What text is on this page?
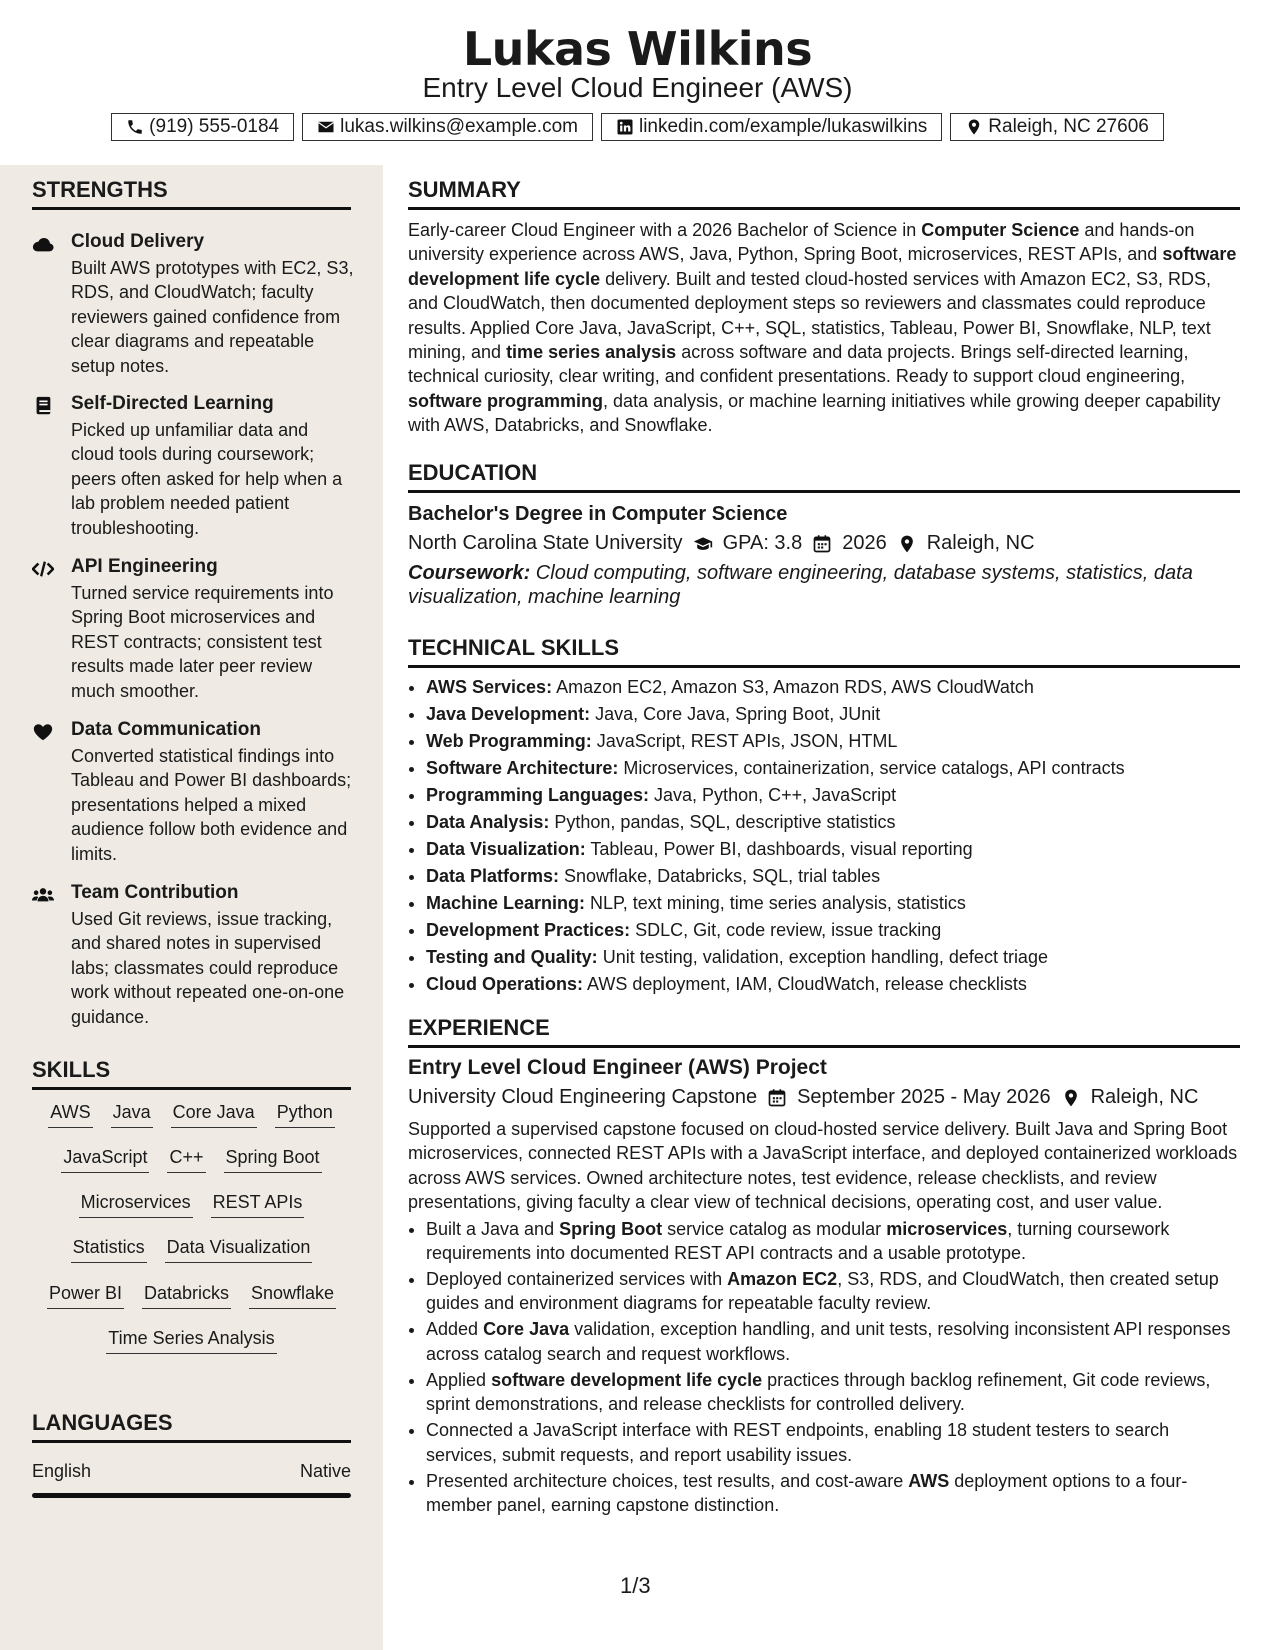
Lukas Wilkins
Entry Level Cloud Engineer (AWS)
(919) 555-0184	lukas.wilkins@example.com	linkedin.com/example/lukaswilkins	Raleigh, NC 27606
STRENGTHS
Cloud Delivery
Built AWS prototypes with EC2, S3, RDS, and CloudWatch; faculty reviewers gained confidence from clear diagrams and repeatable setup notes.
Self-Directed Learning
Picked up unfamiliar data and cloud tools during coursework; peers often asked for help when a lab problem needed patient troubleshooting.
API Engineering
Turned service requirements into Spring Boot microservices and REST contracts; consistent test results made later peer review much smoother.
Data Communication
Converted statistical findings into Tableau and Power BI dashboards; presentations helped a mixed audience follow both evidence and limits.
Team Contribution
Used Git reviews, issue tracking, and shared notes in supervised labs; classmates could reproduce work without repeated one-on-one guidance.
SKILLS
AWS Java Core Java Python
JavaScript C++ Spring Boot
Microservices REST APIs
Statistics Data Visualization
Power BI Databricks Snowflake
Time Series Analysis
LANGUAGES
English	Native
SUMMARY

Early-career Cloud Engineer with a 2026 Bachelor of Science in Computer Science and hands-on university experience across AWS, Java, Python, Spring Boot, microservices, REST APIs, and software development life cycle delivery. Built and tested cloud-hosted services with Amazon EC2, S3, RDS, and CloudWatch, then documented deployment steps so reviewers and classmates could reproduce results. Applied Core Java, JavaScript, C++, SQL, statistics, Tableau, Power BI, Snowflake, NLP, text mining, and time series analysis across software and data projects. Brings self-directed learning, technical curiosity, clear writing, and confident presentations. Ready to support cloud engineering, software programming, data analysis, or machine learning initiatives while growing deeper capability with AWS, Databricks, and Snowflake.

EDUCATION
Bachelor's Degree in Computer Science
North Carolina State University GPA: 3.8 2026 Raleigh, NC
Coursework: Cloud computing, software engineering, database systems, statistics, data visualization, machine learning
TECHNICAL SKILLS
• AWS Services: Amazon EC2, Amazon S3, Amazon RDS, AWS CloudWatch
• Java Development: Java, Core Java, Spring Boot, JUnit
• Web Programming: JavaScript, REST APIs, JSON, HTML
• Software Architecture: Microservices, containerization, service catalogs, API contracts
• Programming Languages: Java, Python, C++, JavaScript
• Data Analysis: Python, pandas, SQL, descriptive statistics
• Data Visualization: Tableau, Power BI, dashboards, visual reporting
• Data Platforms: Snowflake, Databricks, SQL, trial tables
• Machine Learning: NLP, text mining, time series analysis, statistics
• Development Practices: SDLC, Git, code review, issue tracking
• Testing and Quality: Unit testing, validation, exception handling, defect triage
• Cloud Operations: AWS deployment, IAM, CloudWatch, release checklists
EXPERIENCE
Entry Level Cloud Engineer (AWS) Project
University Cloud Engineering Capstone September 2025 - May 2026 Raleigh, NC

Supported a supervised capstone focused on cloud-hosted service delivery. Built Java and Spring Boot microservices, connected REST APIs with a JavaScript interface, and deployed containerized workloads across AWS services. Owned architecture notes, test evidence, release checklists, and review presentations, giving faculty a clear view of technical decisions, operating cost, and user value.

• Built a Java and Spring Boot service catalog as modular microservices, turning coursework requirements into documented REST API contracts and a usable prototype.
• Deployed containerized services with Amazon EC2, S3, RDS, and CloudWatch, then created setup guides and environment diagrams for repeatable faculty review.
• Added Core Java validation, exception handling, and unit tests, resolving inconsistent API responses across catalog search and request workflows.
• Applied software development life cycle practices through backlog refinement, Git code reviews, sprint demonstrations, and release checklists for controlled delivery.
• Connected a JavaScript interface with REST endpoints, enabling 18 student testers to search services, submit requests, and report usability issues.
• Presented architecture choices, test results, and cost-aware AWS deployment options to a four-member panel, earning capstone distinction.
1/3
